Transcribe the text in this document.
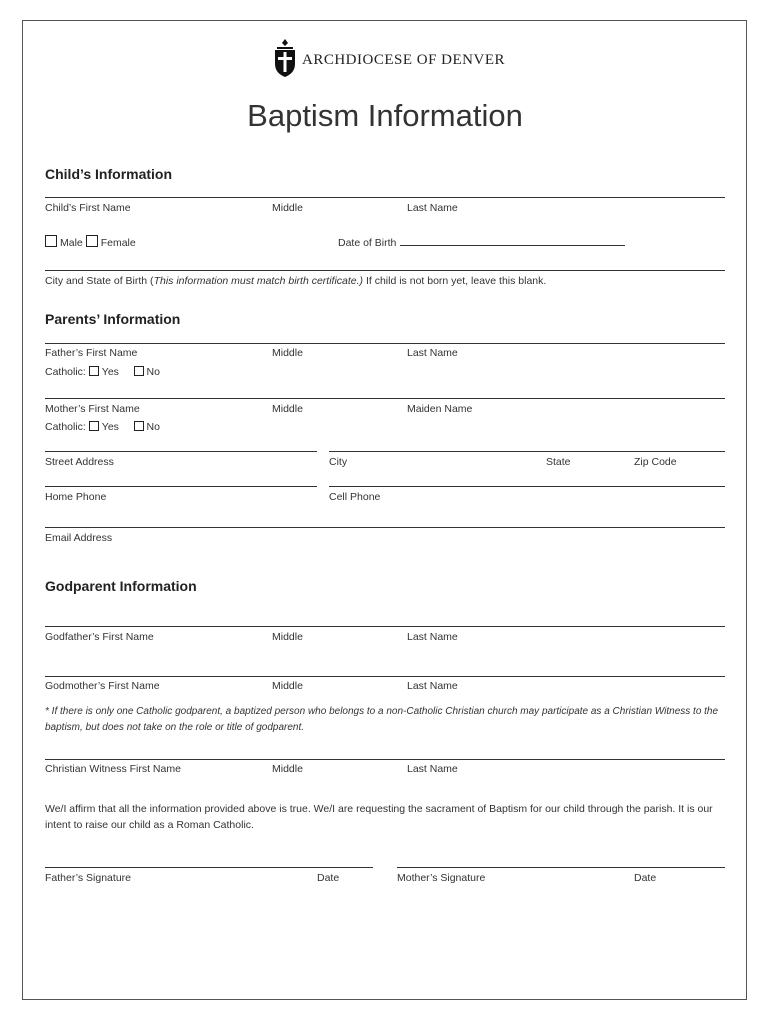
ARCHDIOCESE OF DENVER
Baptism Information
Child’s Information
Child’s First Name	Middle	Last Name
Male Female	Date of Birth
City and State of Birth (This information must match birth certificate.) If child is not born yet, leave this blank.
Parents’ Information
Father’s First Name	Middle	Last Name
Catholic: Yes	No
Mother’s First Name	Middle	Maiden Name
Catholic: Yes	No
Street Address	City	State	Zip Code
Home Phone	Cell Phone
Email Address
Godparent Information
Godfather’s First Name	Middle	Last Name
Godmother’s First Name	Middle	Last Name
* If there is only one Catholic godparent, a baptized person who belongs to a non-Catholic Christian church may participate as a Christian Witness to the baptism, but does not take on the role or title of godparent.
Christian Witness First Name	Middle	Last Name
We/I affirm that all the information provided above is true. We/I are requesting the sacrament of Baptism for our child through the parish. It is our intent to raise our child as a Roman Catholic.
Father’s Signature	Date	Mother’s Signature	Date
